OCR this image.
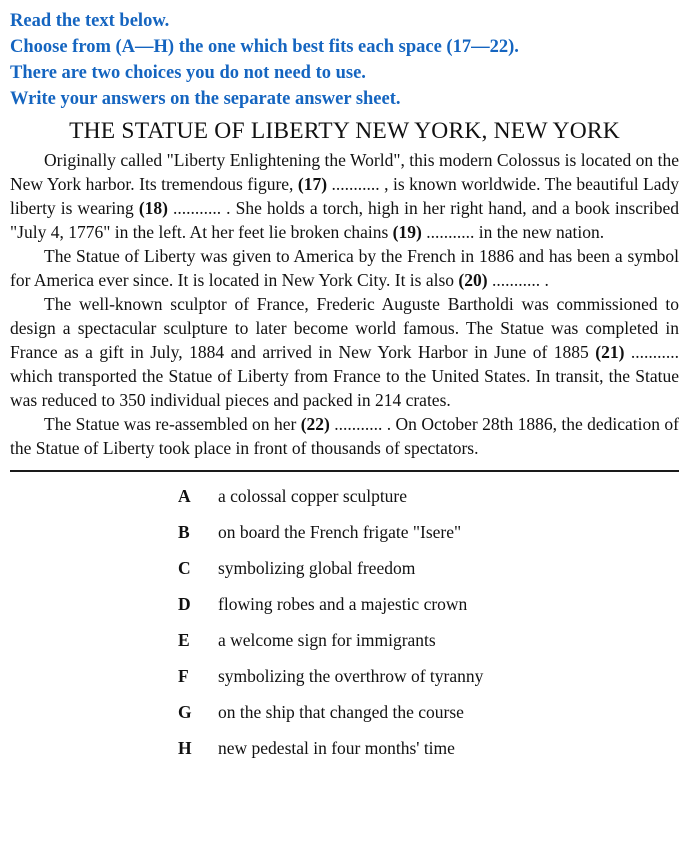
Read the text below.

Choose from (A—H) the one which best fits each space (17—22).

There are two choices you do not need to use.

Write your answers on the separate answer sheet.

THE STATUE OF LIBERTY NEW YORK, NEW YORK

Originally called "Liberty Enlightening the World", this modern Colossus is located on the New York harbor. Its tremendous figure, (17) ........... , is known worldwide. The beautiful Lady liberty is wearing (18) ........... . She holds a torch, high in her right hand, and a book inscribed "July 4, 1776" in the left. At her feet lie broken chains (19) ........... in the new nation.

The Statue of Liberty was given to America by the French in 1886 and has been a symbol for America ever since. It is located in New York City. It is also (20) ........... .

The well-known sculptor of France, Frederic Auguste Bartholdi was commissioned to design a spectacular sculpture to later become world famous. The Statue was completed in France as a gift in July, 1884 and arrived in New York Harbor in June of 1885 (21) ........... which transported the Statue of Liberty from France to the United States. In transit, the Statue was reduced to 350 individual pieces and packed in 214 crates.

The Statue was re-assembled on her (22) ........... . On October 28th 1886, the dedication of the Statue of Liberty took place in front of thousands of spectators.

A	a colossal copper sculpture
B	on board the French frigate "Isere"
C	symbolizing global freedom
D	flowing robes and a majestic crown
E	a welcome sign for immigrants
F	symbolizing the overthrow of tyranny
G	on the ship that changed the course
H	new pedestal in four months' time
